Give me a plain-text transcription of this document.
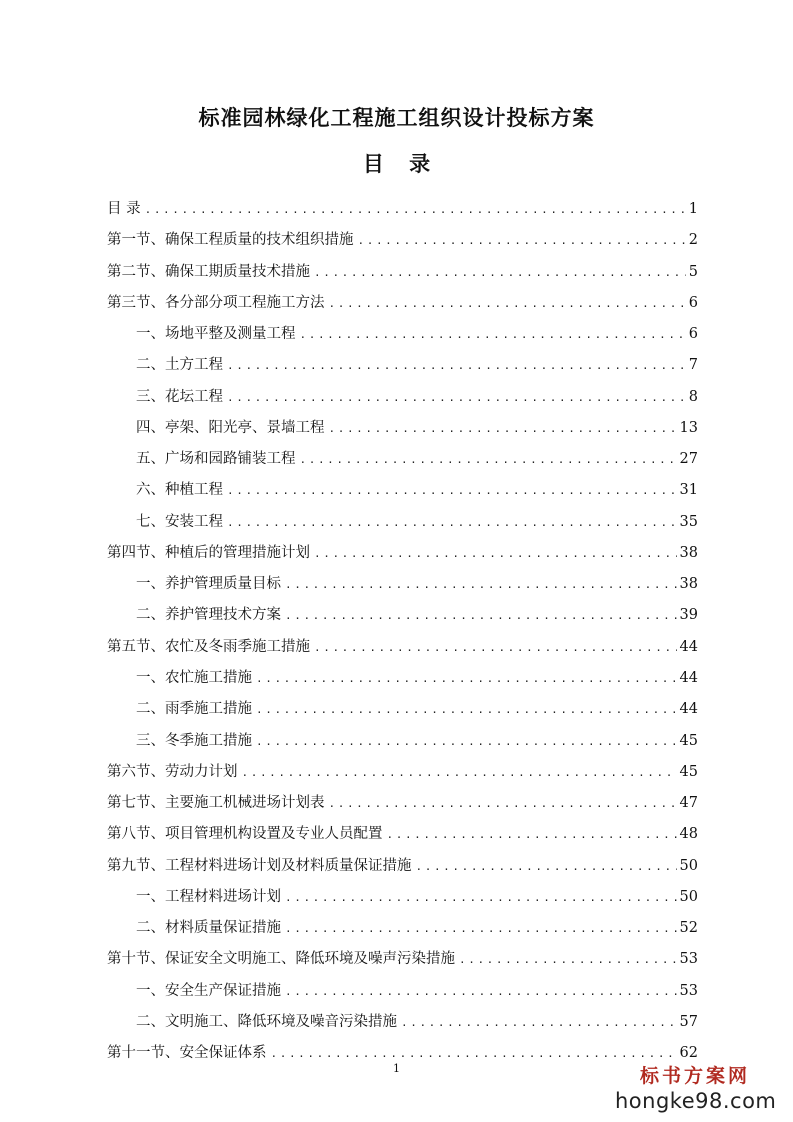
标准园林绿化工程施工组织设计投标方案
目 录
目 录 .....	1
第一节、确保工程质量的技术组织措施 .....	2
第二节、确保工期质量技术措施 .....	5
第三节、各分部分项工程施工方法 .....	6
一、场地平整及测量工程 .....	6
二、土方工程 .....	7
三、花坛工程 .....	8
四、亭架、阳光亭、景墙工程 .....	13
五、广场和园路铺装工程 .....	27
六、种植工程 .....	31
七、安装工程 .....	35
第四节、种植后的管理措施计划 .....	38
一、养护管理质量目标 .....	38
二、养护管理技术方案 .....	39
第五节、农忙及冬雨季施工措施 .....	44
一、农忙施工措施 .....	44
二、雨季施工措施 .....	44
三、冬季施工措施 .....	45
第六节、劳动力计划 .....	45
第七节、主要施工机械进场计划表 .....	47
第八节、项目管理机构设置及专业人员配置 .....	48
第九节、工程材料进场计划及材料质量保证措施 .....	50
一、工程材料进场计划 .....	50
二、材料质量保证措施 .....	52
第十节、保证安全文明施工、降低环境及噪声污染措施 .....	53
一、安全生产保证措施 .....	53
二、文明施工、降低环境及噪音污染措施 .....	57
第十一节、安全保证体系 .....	62
1	标书方案网
hongke98.com
